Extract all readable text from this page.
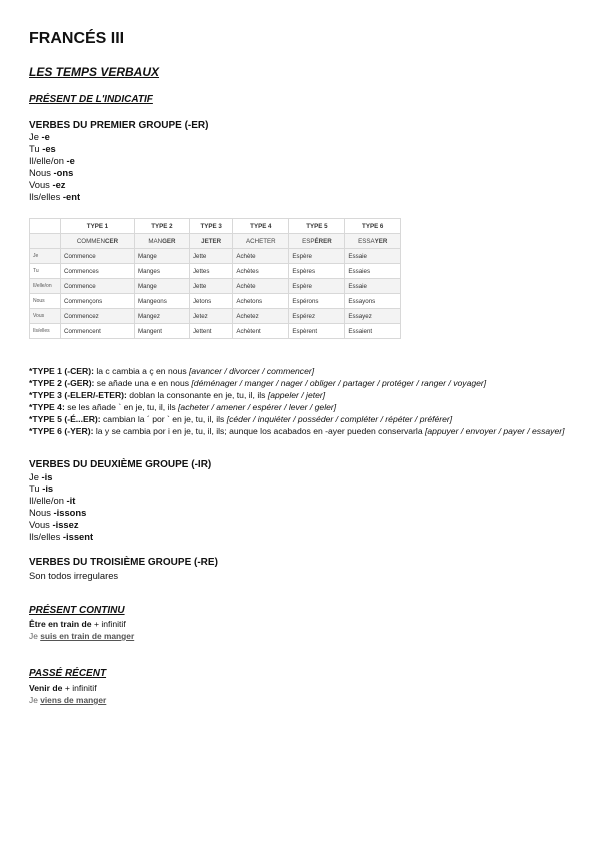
FRANCÉS III
LES TEMPS VERBAUX
PRÉSENT DE L'INDICATIF
VERBES DU PREMIER GROUPE (-ER)
Je -e
Tu -es
Il/elle/on -e
Nous -ons
Vous -ez
Ils/elles -ent
	TYPE 1	TYPE 2	TYPE 3	TYPE 4	TYPE 5	TYPE 6
	COMMENCER	MANGER	JETER	ACHETER	ESPÉRER	ESSAYER
Je	Commence	Mange	Jette	Achète	Espère	Essaie
Tu	Commences	Manges	Jettes	Achètes	Espères	Essaies
Il/elle/on	Commence	Mange	Jette	Achète	Espère	Essaie
Nous	Commençons	Mangeons	Jetons	Achetons	Espérons	Essayons
Vous	Commencez	Mangez	Jetez	Achetez	Espérez	Essayez
Ils/elles	Commencent	Mangent	Jettent	Achètent	Espèrent	Essaient

*TYPE 1 (-CER): la c cambia a ç en nous [avancer / divorcer / commencer]

*TYPE 2 (-GER): se añade una e en nous [déménager / manger / nager / obliger / partager / protéger / ranger / voyager]

*TYPE 3 (-ELER/-ETER): doblan la consonante en je, tu, il, ils [appeler / jeter]

*TYPE 4: se les añade ` en je, tu, il, ils [acheter / amener / espérer / lever / geler]

*TYPE 5 (-É...ER): cambian la ´ por ` en je, tu, il, ils [céder / inquiéter / posséder / compléter / répéter / préférer]

*TYPE 6 (-YER): la y se cambia por i en je, tu, il, ils; aunque los acabados en -ayer pueden conservarla [appuyer / envoyer / payer / essayer]

VERBES DU DEUXIÈME GROUPE (-IR)
Je -is
Tu -is
Il/elle/on -it
Nous -issons
Vous -issez
Ils/elles -issent
VERBES DU TROISIÈME GROUPE (-RE)
Son todos irregulares
PRÉSENT CONTINU
Être en train de + infinitif
Je suis en train de manger
PASSÉ RÉCENT
Venir de + infinitif
Je viens de manger
